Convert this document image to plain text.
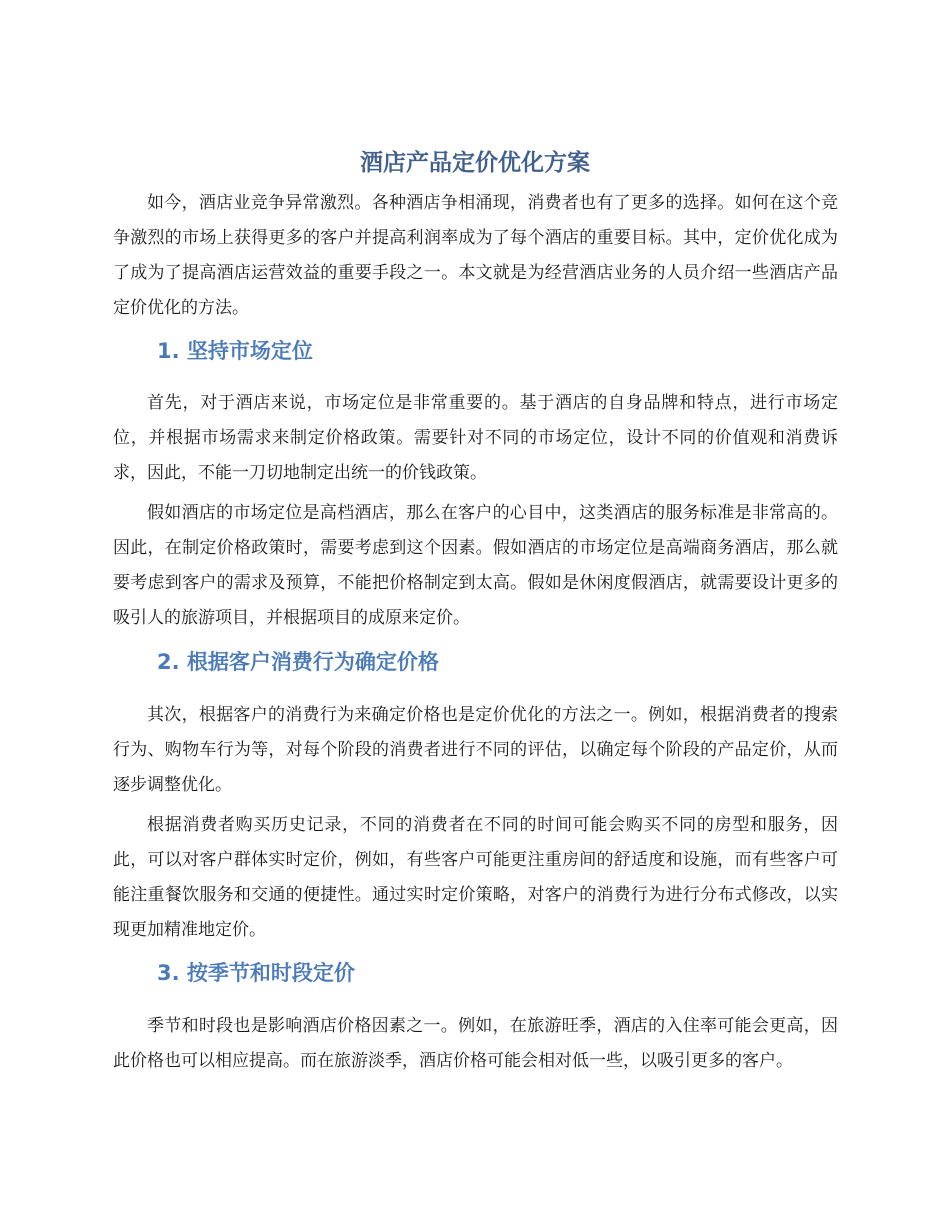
酒店产品定价优化方案

如今，酒店业竞争异常激烈。各种酒店争相涌现，消费者也有了更多的选择。如何在这个竞争激烈的市场上获得更多的客户并提高利润率成为了每个酒店的重要目标。其中，定价优化成为了成为了提高酒店运营效益的重要手段之一。本文就是为经营酒店业务的人员介绍一些酒店产品定价优化的方法。

1. 坚持市场定位

首先，对于酒店来说，市场定位是非常重要的。基于酒店的自身品牌和特点，进行市场定位，并根据市场需求来制定价格政策。需要针对不同的市场定位，设计不同的价值观和消费诉求，因此，不能一刀切地制定出统一的价钱政策。

假如酒店的市场定位是高档酒店，那么在客户的心目中，这类酒店的服务标准是非常高的。因此，在制定价格政策时，需要考虑到这个因素。假如酒店的市场定位是高端商务酒店，那么就要考虑到客户的需求及预算，不能把价格制定到太高。假如是休闲度假酒店，就需要设计更多的吸引人的旅游项目，并根据项目的成原来定价。

2. 根据客户消费行为确定价格

其次，根据客户的消费行为来确定价格也是定价优化的方法之一。例如，根据消费者的搜索行为、购物车行为等，对每个阶段的消费者进行不同的评估，以确定每个阶段的产品定价，从而逐步调整优化。

根据消费者购买历史记录，不同的消费者在不同的时间可能会购买不同的房型和服务，因此，可以对客户群体实时定价，例如，有些客户可能更注重房间的舒适度和设施，而有些客户可能注重餐饮服务和交通的便捷性。通过实时定价策略，对客户的消费行为进行分布式修改，以实现更加精准地定价。

3. 按季节和时段定价

季节和时段也是影响酒店价格因素之一。例如，在旅游旺季，酒店的入住率可能会更高，因此价格也可以相应提高。而在旅游淡季，酒店价格可能会相对低一些，以吸引更多的客户。
